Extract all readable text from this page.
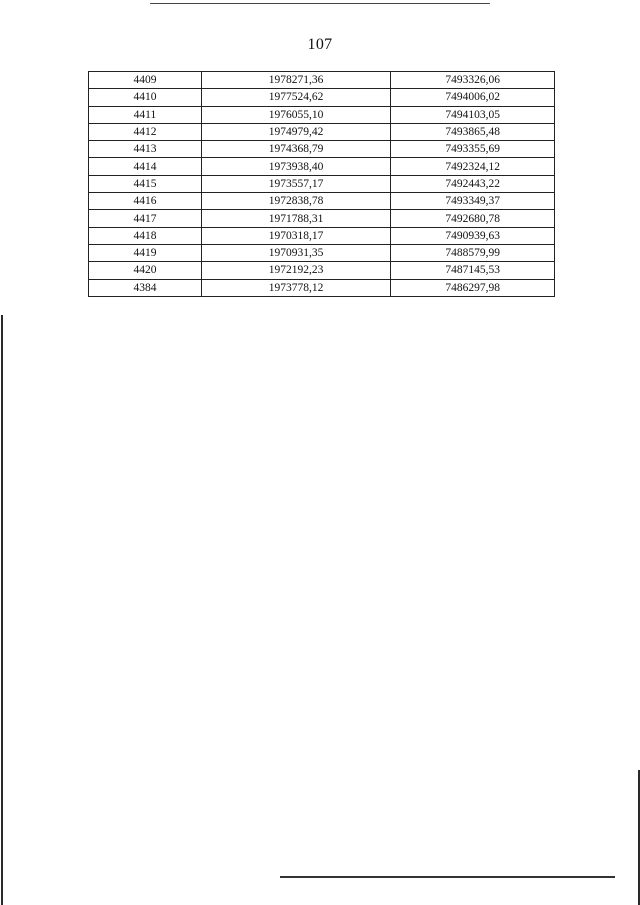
107
4409	1978271,36	7493326,06
4410	1977524,62	7494006,02
4411	1976055,10	7494103,05
4412	1974979,42	7493865,48
4413	1974368,79	7493355,69
4414	1973938,40	7492324,12
4415	1973557,17	7492443,22
4416	1972838,78	7493349,37
4417	1971788,31	7492680,78
4418	1970318,17	7490939,63
4419	1970931,35	7488579,99
4420	1972192,23	7487145,53
4384	1973778,12	7486297,98
